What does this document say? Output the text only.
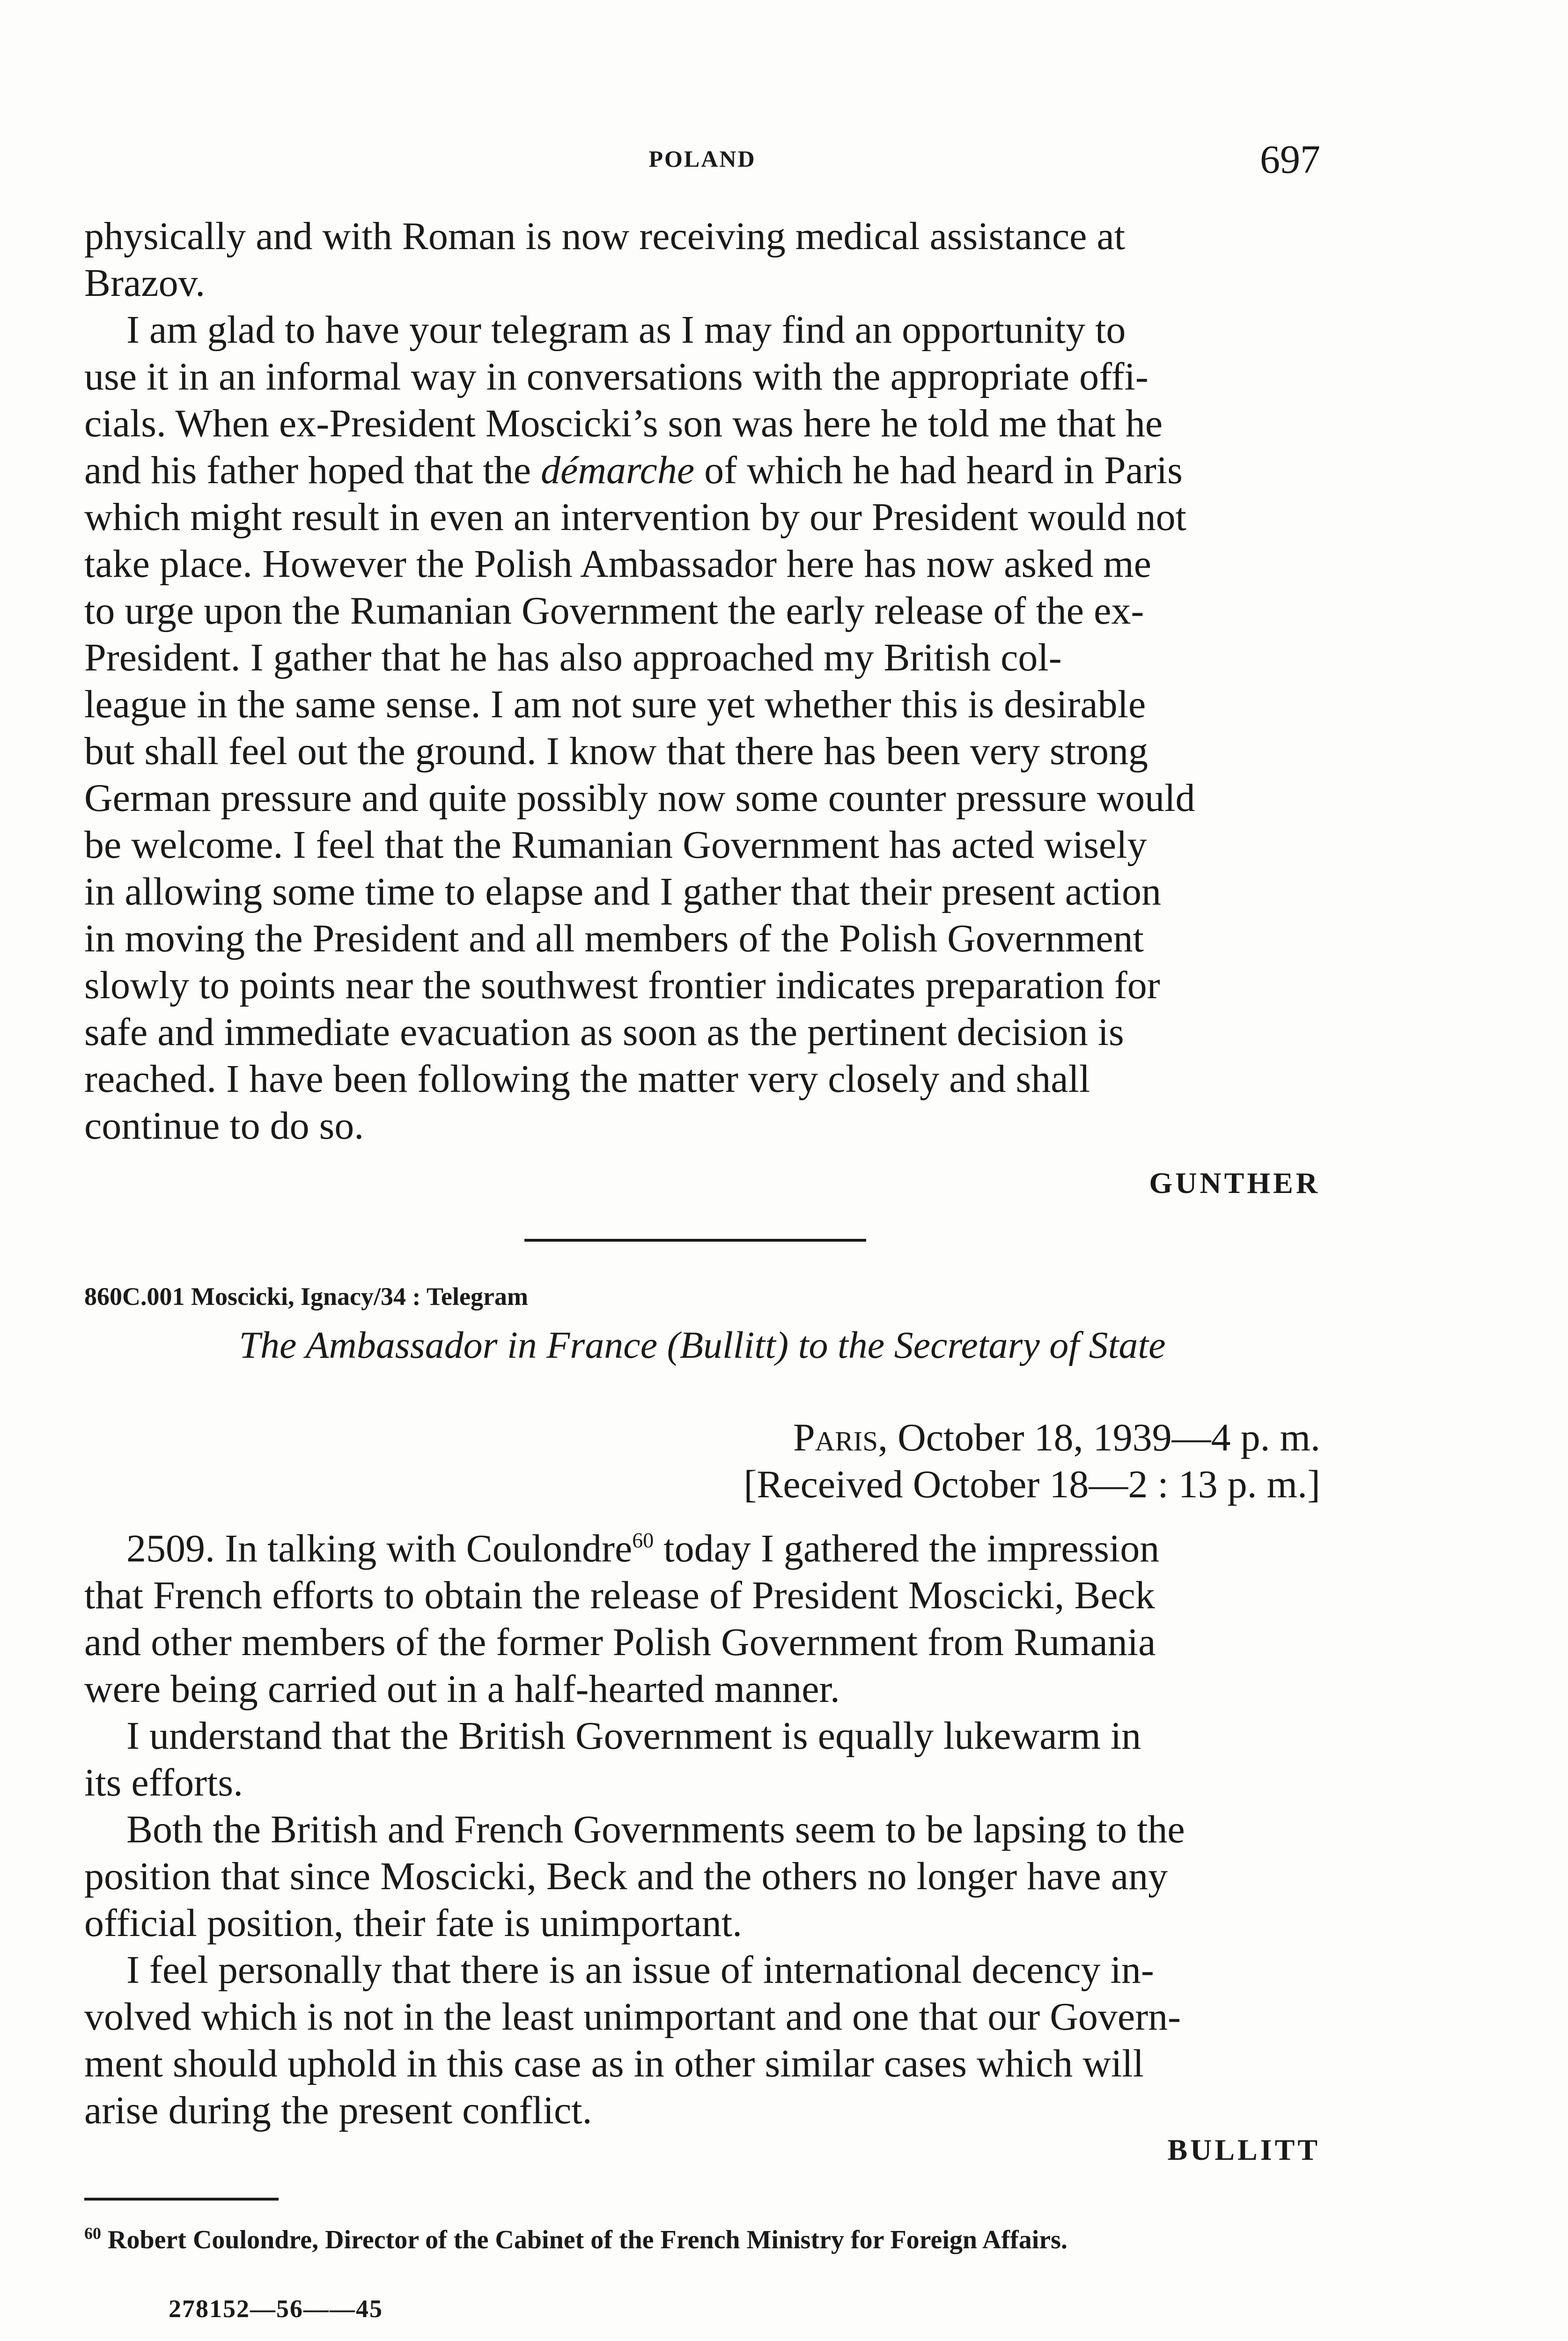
POLAND	697

physically and with Roman is now receiving medical assistance at
Brazov.

I am glad to have your telegram as I may find an opportunity to
use it in an informal way in conversations with the appropriate offi-
cials. When ex-President Moscicki’s son was here he told me that he
and his father hoped that the démarche of which he had heard in Paris
which might result in even an intervention by our President would not
take place. However the Polish Ambassador here has now asked me
to urge upon the Rumanian Government the early release of the ex-
President. I gather that he has also approached my British col-
league in the same sense. I am not sure yet whether this is desirable
but shall feel out the ground. I know that there has been very strong
German pressure and quite possibly now some counter pressure would
be welcome. I feel that the Rumanian Government has acted wisely
in allowing some time to elapse and I gather that their present action
in moving the President and all members of the Polish Government
slowly to points near the southwest frontier indicates preparation for
safe and immediate evacuation as soon as the pertinent decision is
reached. I have been following the matter very closely and shall
continue to do so.

GUNTHER
860C.001 Moscicki, Ignacy/34 : Telegram
The Ambassador in France (Bullitt) to the Secretary of State
Paris, October 18, 1939—4 p. m.
[Received October 18—2 : 13 p. m.]

2509. In talking with Coulondre$^{60}$ today I gathered the impression
that French efforts to obtain the release of President Moscicki, Beck
and other members of the former Polish Government from Rumania
were being carried out in a half-hearted manner.

I understand that the British Government is equally lukewarm in
its efforts.

Both the British and French Governments seem to be lapsing to the
position that since Moscicki, Beck and the others no longer have any
official position, their fate is unimportant.

I feel personally that there is an issue of international decency in-
volved which is not in the least unimportant and one that our Govern-
ment should uphold in this case as in other similar cases which will
arise during the present conflict.

BULLITT
$^{60}$ Robert Coulondre, Director of the Cabinet of the French Ministry for Foreign Affairs.
278152—56——45
